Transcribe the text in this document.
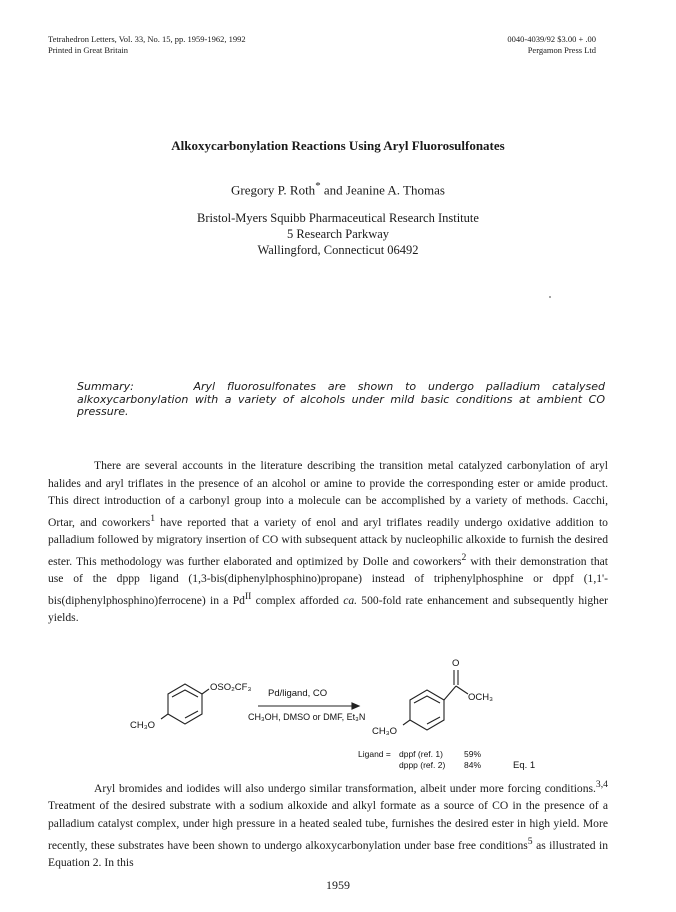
Tetrahedron Letters, Vol. 33, No. 15, pp. 1959-1962, 1992
Printed in Great Britain
0040-4039/92 $3.00 + .00
Pergamon Press Ltd
Alkoxycarbonylation Reactions Using Aryl Fluorosulfonates
Gregory P. Roth* and Jeanine A. Thomas
Bristol-Myers Squibb Pharmaceutical Research Institute
5 Research Parkway
Wallingford, Connecticut 06492
Summary:	Aryl fluorosulfonates are shown to undergo palladium catalysed alkoxycarbonylation with a variety of alcohols under mild basic conditions at ambient CO pressure.

There are several accounts in the literature describing the transition metal catalyzed carbonylation of aryl halides and aryl triflates in the presence of an alcohol or amine to provide the corresponding ester or amide product. This direct introduction of a carbonyl group into a molecule can be accomplished by a variety of methods. Cacchi, Ortar, and coworkers$^1$ have reported that a variety of enol and aryl triflates readily undergo oxidative addition to palladium followed by migratory insertion of CO with subsequent attack by nucleophilic alkoxide to furnish the desired ester. This methodology was further elaborated and optimized by Dolle and coworkers$^2$ with their demonstration that use of the dppp ligand (1,3-bis(diphenylphosphino)propane) instead of triphenylphosphine or dppf (1,1'-bis(diphenylphosphino)ferrocene) in a $Pd^{II}$ complex afforded ca. 500-fold rate enhancement and subsequently higher yields.

OSO₂CF₃
CH₃O
Pd/ligand, CO
CH₃OH, DMSO or DMF, Et₃N
O
OCH₃
CH₃O
Ligand = dppf (ref. 1) 59%
dppp (ref. 2) 84%	Eq. 1

Aryl bromides and iodides will also undergo similar transformation, albeit under more forcing conditions.$^{3,4}$ Treatment of the desired substrate with a sodium alkoxide and alkyl formate as a source of CO in the presence of a palladium catalyst complex, under high pressure in a heated sealed tube, furnishes the desired ester in high yield. More recently, these substrates have been shown to undergo alkoxycarbonylation under base free conditions$^5$ as illustrated in Equation 2. In this

1959
